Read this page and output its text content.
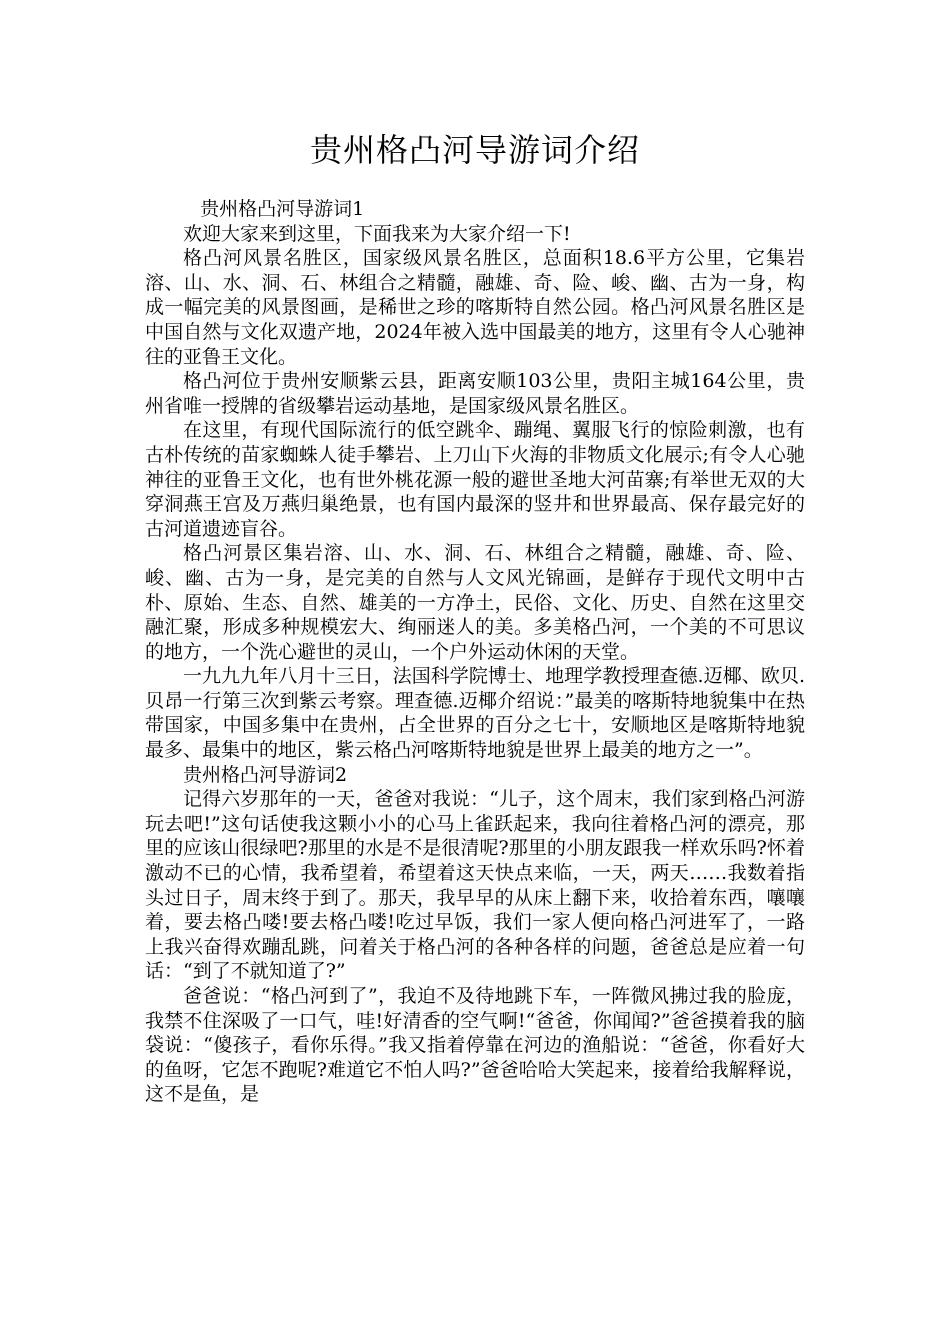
贵州格凸河导游词介绍

贵州格凸河导游词1

欢迎大家来到这里，下面我来为大家介绍一下!

格凸河风景名胜区，国家级风景名胜区，总面积18.6平方公里，它集岩溶、山、水、洞、石、林组合之精髓，融雄、奇、险、峻、幽、古为一身，构成一幅完美的风景图画，是稀世之珍的喀斯特自然公园。格凸河风景名胜区是中国自然与文化双遗产地，2024年被入选中国最美的地方，这里有令人心驰神往的亚鲁王文化。

格凸河位于贵州安顺紫云县，距离安顺103公里，贵阳主城164公里，贵州省唯一授牌的省级攀岩运动基地，是国家级风景名胜区。

在这里，有现代国际流行的低空跳伞、蹦绳、翼服飞行的惊险刺激，也有古朴传统的苗家蜘蛛人徒手攀岩、上刀山下火海的非物质文化展示;有令人心驰神往的亚鲁王文化，也有世外桃花源一般的避世圣地大河苗寨;有举世无双的大穿洞燕王宫及万燕归巢绝景，也有国内最深的竖井和世界最高、保存最完好的古河道遗迹盲谷。

格凸河景区集岩溶、山、水、洞、石、林组合之精髓，融雄、奇、险、峻、幽、古为一身，是完美的自然与人文风光锦画，是鲜存于现代文明中古朴、原始、生态、自然、雄美的一方净土，民俗、文化、历史、自然在这里交融汇聚，形成多种规模宏大、绚丽迷人的美。多美格凸河，一个美的不可思议的地方，一个洗心避世的灵山，一个户外运动休闲的天堂。

一九九九年八月十三日，法国科学院博士、地理学教授理查德.迈椰、欧贝.贝昂一行第三次到紫云考察。理查德.迈椰介绍说：”最美的喀斯特地貌集中在热带国家，中国多集中在贵州，占全世界的百分之七十，安顺地区是喀斯特地貌最多、最集中的地区，紫云格凸河喀斯特地貌是世界上最美的地方之一”。

贵州格凸河导游词2

记得六岁那年的一天，爸爸对我说：“儿子，这个周末，我们家到格凸河游玩去吧!”这句话使我这颗小小的心马上雀跃起来，我向往着格凸河的漂亮，那里的应该山很绿吧?那里的水是不是很清呢?那里的小朋友跟我一样欢乐吗?怀着激动不已的心情，我希望着，希望着这天快点来临，一天，两天……我数着指头过日子，周末终于到了。那天，我早早的从床上翻下来，收拾着东西，嚷嚷着，要去格凸喽!要去格凸喽!吃过早饭，我们一家人便向格凸河进军了，一路上我兴奋得欢蹦乱跳，问着关于格凸河的各种各样的问题，爸爸总是应着一句话：“到了不就知道了?”

爸爸说：“格凸河到了”，我迫不及待地跳下车，一阵微风拂过我的脸庞，我禁不住深吸了一口气，哇!好清香的空气啊!“爸爸，你闻闻?”爸爸摸着我的脑袋说：“傻孩子，看你乐得。”我又指着停靠在河边的渔船说：“爸爸，你看好大的鱼呀，它怎不跑呢?难道它不怕人吗?”爸爸哈哈大笑起来，接着给我解释说，这不是鱼，是
